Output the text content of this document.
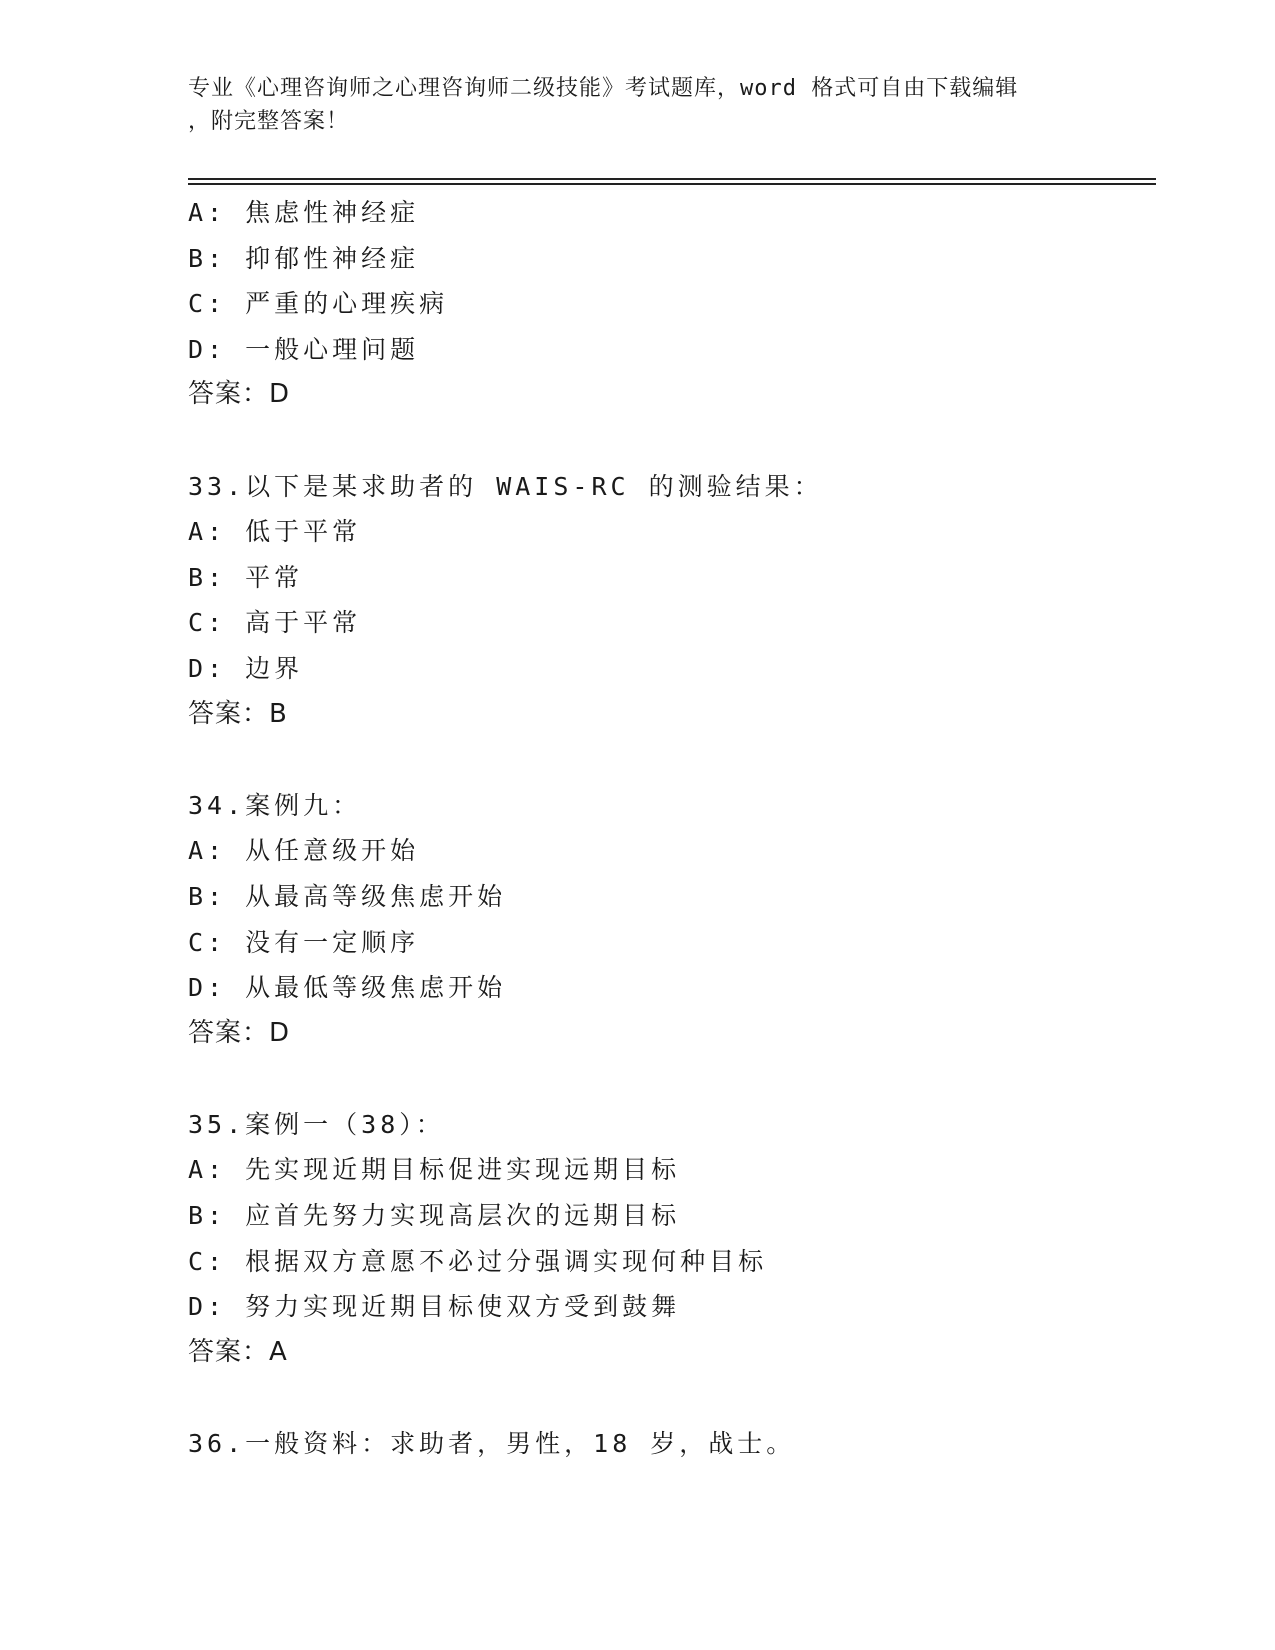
专业《心理咨询师之心理咨询师二级技能》考试题库，word 格式可自由下载编辑
，附完整答案！
A: 焦虑性神经症
B: 抑郁性神经症
C: 严重的心理疾病
D: 一般心理问题
答案：D
33.以下是某求助者的 WAIS-RC 的测验结果：
A: 低于平常
B: 平常
C: 高于平常
D: 边界
答案：B
34.案例九：
A: 从任意级开始
B: 从最高等级焦虑开始
C: 没有一定顺序
D: 从最低等级焦虑开始
答案：D
35.案例一（38）：
A: 先实现近期目标促进实现远期目标
B: 应首先努力实现高层次的远期目标
C: 根据双方意愿不必过分强调实现何种目标
D: 努力实现近期目标使双方受到鼓舞
答案：A
36.一般资料：求助者，男性，18 岁，战士。
